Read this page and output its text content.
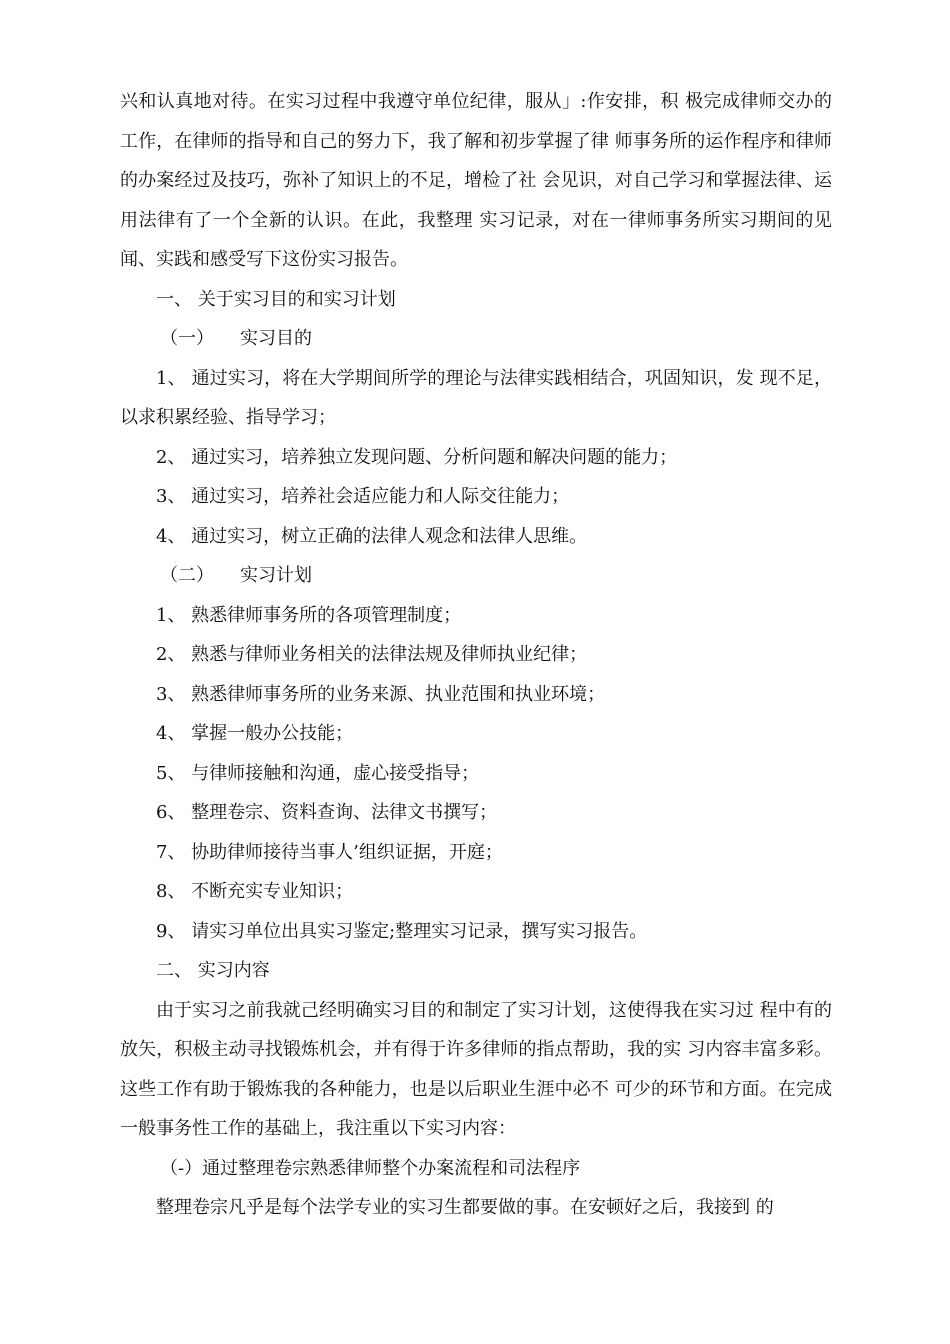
兴和认真地对待。在实习过程中我遵守单位纪律，服从」:作安排，积 极完成律师交办的工作，在律师的指导和自己的努力下，我了解和初步掌握了律 师事务所的运作程序和律师的办案经过及技巧，弥补了知识上的不足，增检了社 会见识，对自己学习和掌握法律、运用法律有了一个全新的认识。在此，我整理 实习记录，对在一律师事务所实习期间的见闻、实践和感受写下这份实习报告。

一、 关于实习目的和实习计划

（一） 实习目的

1、 通过实习，将在大学期间所学的理论与法律实践相结合，巩固知识，发 现不足，以求积累经验、指导学习；

2、 通过实习，培养独立发现问题、分析问题和解决问题的能力；

3、 通过实习，培养社会适应能力和人际交往能力；

4、 通过实习，树立正确的法律人观念和法律人思维。

（二） 实习计划

1、 熟悉律师事务所的各项管理制度；

2、 熟悉与律师业务相关的法律法规及律师执业纪律；

3、 熟悉律师事务所的业务来源、执业范围和执业环境；

4、 掌握一般办公技能；

5、 与律师接触和沟通，虚心接受指导；

6、 整理卷宗、资料查询、法律文书撰写；

7、 协助律师接待当事人’组织证据，开庭；

8、 不断充实专业知识；

9、 请实习单位出具实习鉴定;整理实习记录，撰写实习报告。

二、 实习内容

由于实习之前我就己经明确实习目的和制定了实习计划，这使得我在实习过 程中有的放矢，积极主动寻找锻炼机会，并有得于许多律师的指点帮助，我的实 习内容丰富多彩。这些工作有助于锻炼我的各种能力，也是以后职业生涯中必不 可少的环节和方面。在完成一般事务性工作的基础上，我注重以下实习内容：

（-）通过整理卷宗熟悉律师整个办案流程和司法程序

整理卷宗凡乎是每个法学专业的实习生都要做的事。在安顿好之后，我接到 的
